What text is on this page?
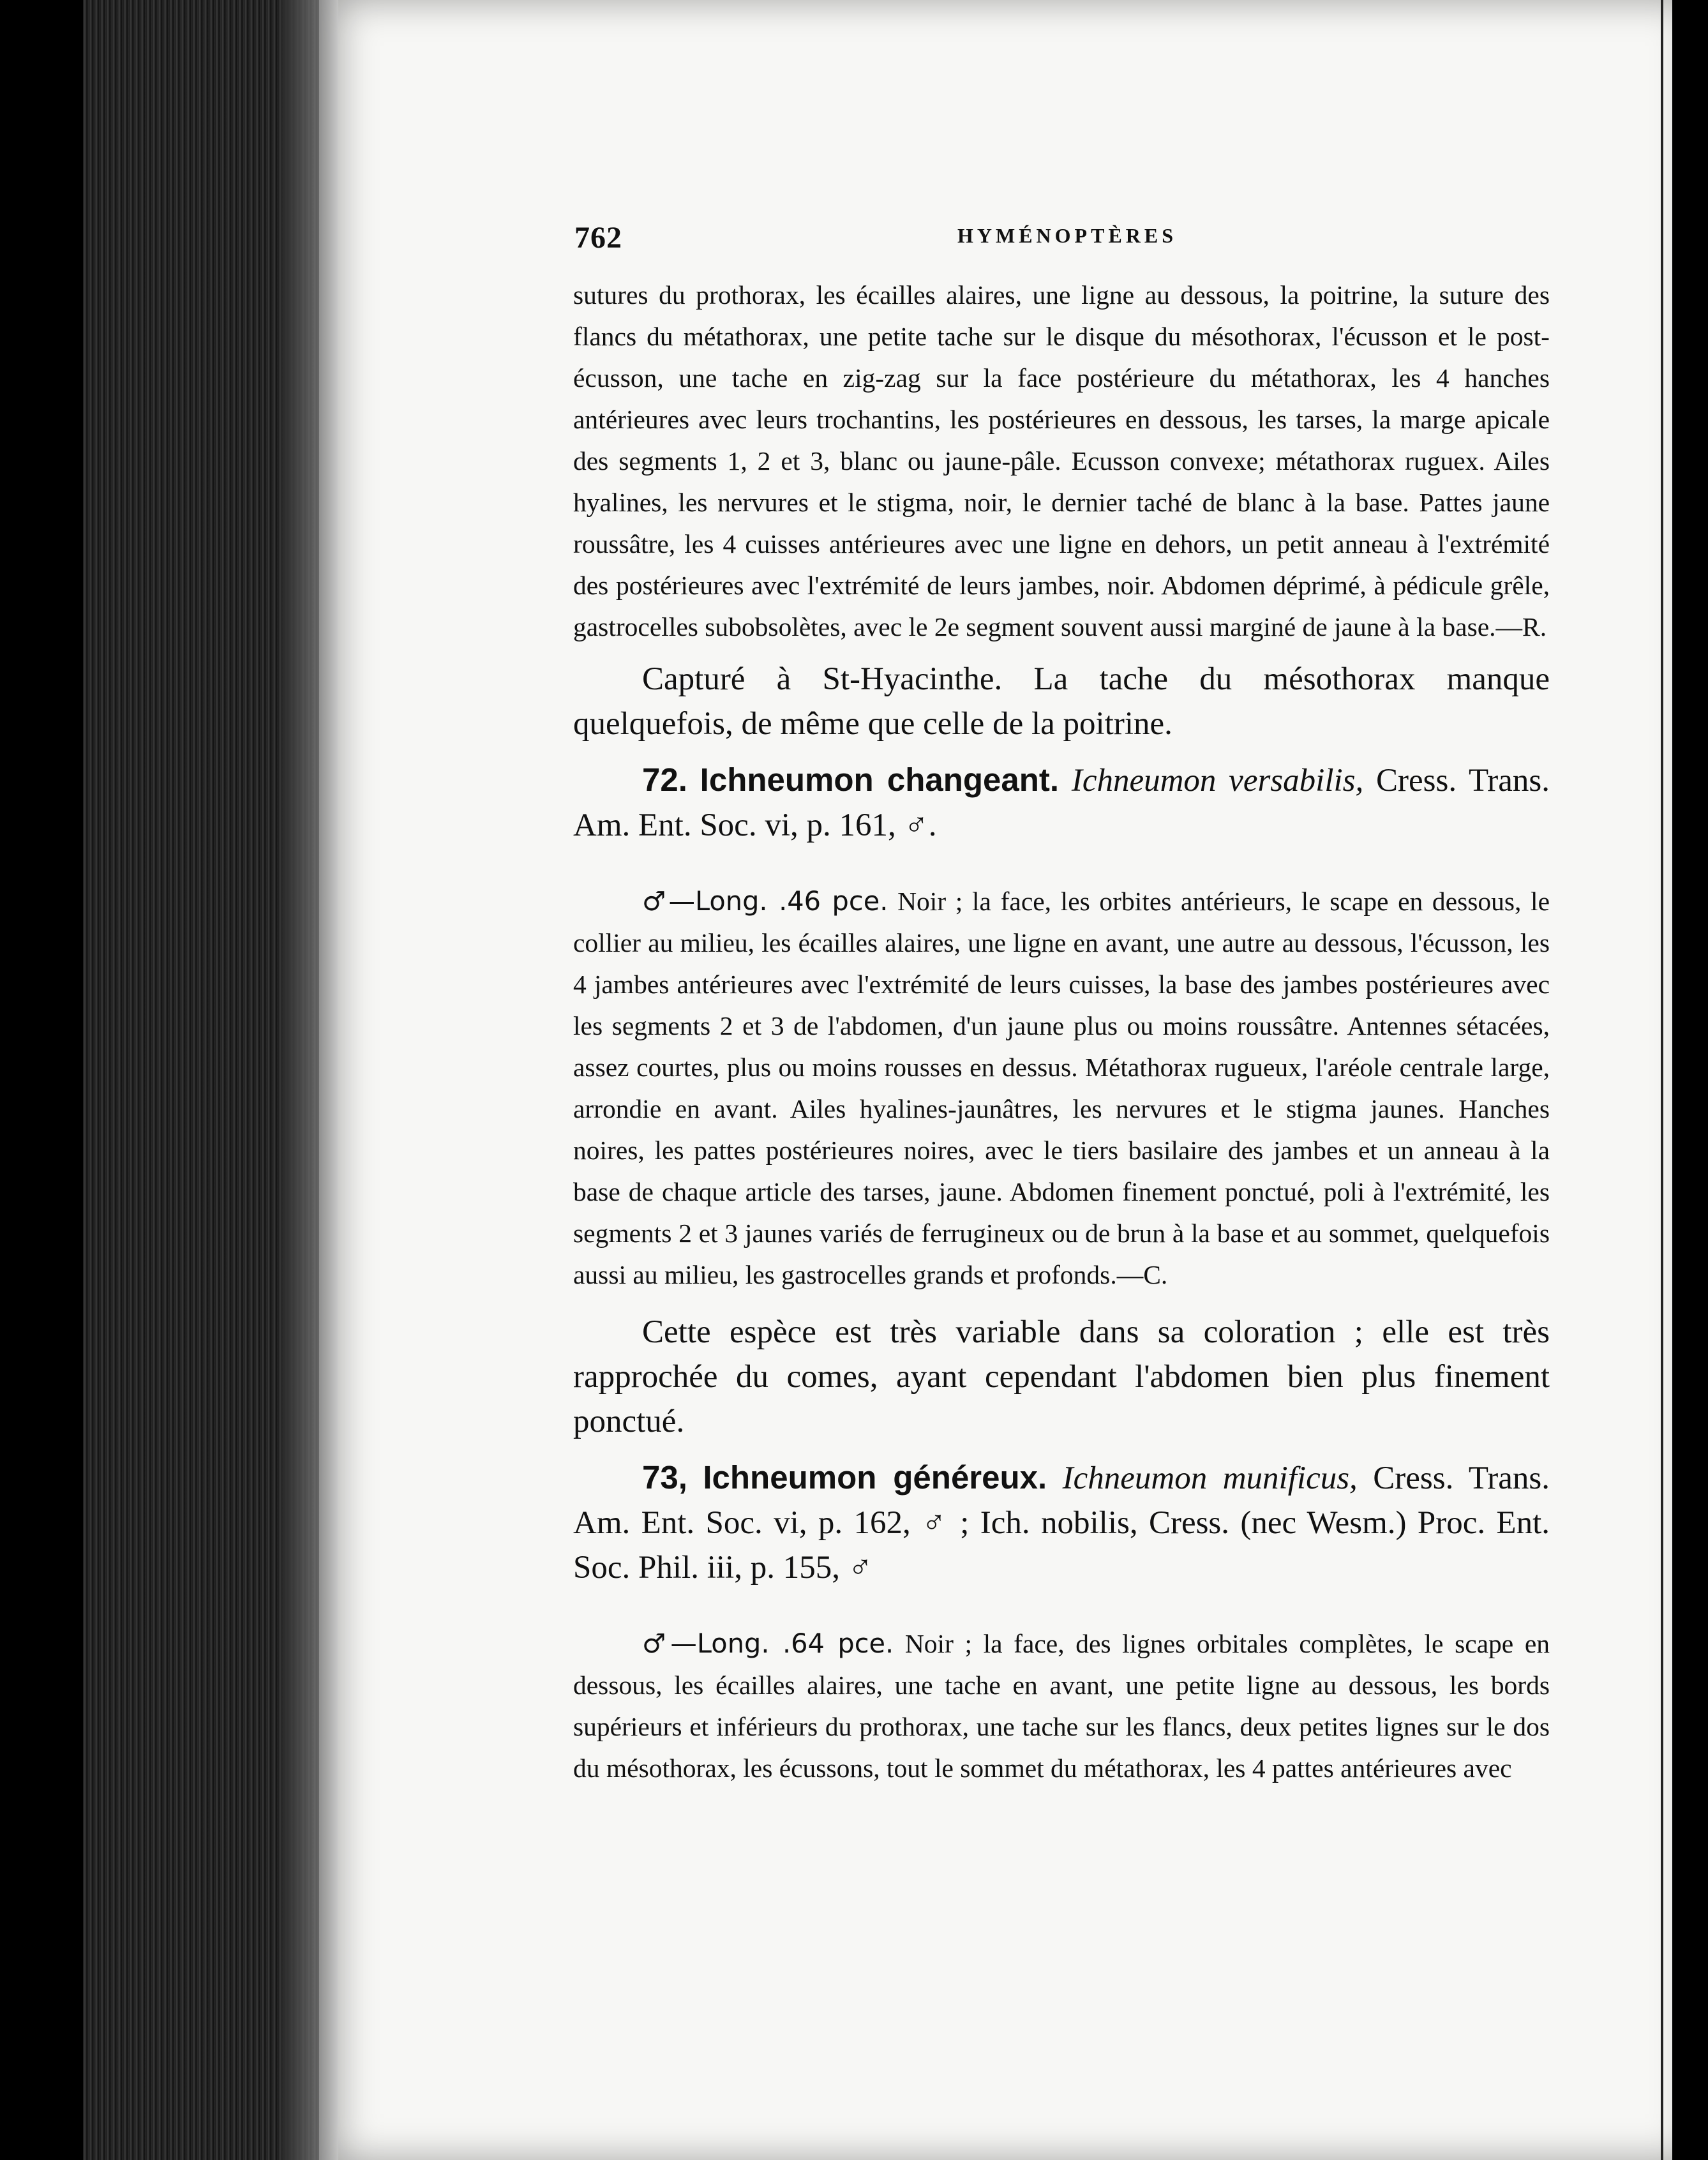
762	HYMÉNOPTÈRES

sutures du prothorax, les écailles alaires, une ligne au dessous, la poitrine, la suture des flancs du métathorax, une petite tache sur le disque du mésothorax, l'écusson et le post-écusson, une tache en zig-zag sur la face postérieure du métathorax, les 4 hanches antérieures avec leurs trochantins, les postérieures en dessous, les tarses, la marge apicale des segments 1, 2 et 3, blanc ou jaune-pâle. Ecusson convexe; métathorax ruguex. Ailes hyalines, les nervures et le stigma, noir, le dernier taché de blanc à la base. Pattes jaune roussâtre, les 4 cuisses antérieures avec une ligne en dehors, un petit anneau à l'extrémité des postérieures avec l'extrémité de leurs jambes, noir. Abdomen déprimé, à pédicule grêle, gastrocelles subobsolètes, avec le 2e segment souvent aussi marginé de jaune à la base.—R.

Capturé à St-Hyacinthe. La tache du mésothorax manque quelquefois, de même que celle de la poitrine.

72. Ichneumon changeant. Ichneumon versabilis, Cress. Trans. Am. Ent. Soc. vi, p. 161, ♂.

♂—Long. .46 pce. Noir ; la face, les orbites antérieurs, le scape en dessous, le collier au milieu, les écailles alaires, une ligne en avant, une autre au dessous, l'écusson, les 4 jambes antérieures avec l'extrémité de leurs cuisses, la base des jambes postérieures avec les segments 2 et 3 de l'abdomen, d'un jaune plus ou moins roussâtre. Antennes sétacées, assez courtes, plus ou moins rousses en dessus. Métathorax rugueux, l'aréole centrale large, arrondie en avant. Ailes hyalines-jaunâtres, les nervures et le stigma jaunes. Hanches noires, les pattes postérieures noires, avec le tiers basilaire des jambes et un anneau à la base de chaque article des tarses, jaune. Abdomen finement ponctué, poli à l'extrémité, les segments 2 et 3 jaunes variés de ferrugineux ou de brun à la base et au sommet, quelquefois aussi au milieu, les gastrocelles grands et profonds.—C.

Cette espèce est très variable dans sa coloration ; elle est très rapprochée du comes, ayant cependant l'abdomen bien plus finement ponctué.

73, Ichneumon généreux. Ichneumon munificus, Cress. Trans. Am. Ent. Soc. vi, p. 162, ♂ ; Ich. nobilis, Cress. (nec Wesm.) Proc. Ent. Soc. Phil. iii, p. 155, ♂

♂—Long. .64 pce. Noir ; la face, des lignes orbitales complètes, le scape en dessous, les écailles alaires, une tache en avant, une petite ligne au dessous, les bords supérieurs et inférieurs du prothorax, une tache sur les flancs, deux petites lignes sur le dos du mésothorax, les écussons, tout le sommet du métathorax, les 4 pattes antérieures avec
